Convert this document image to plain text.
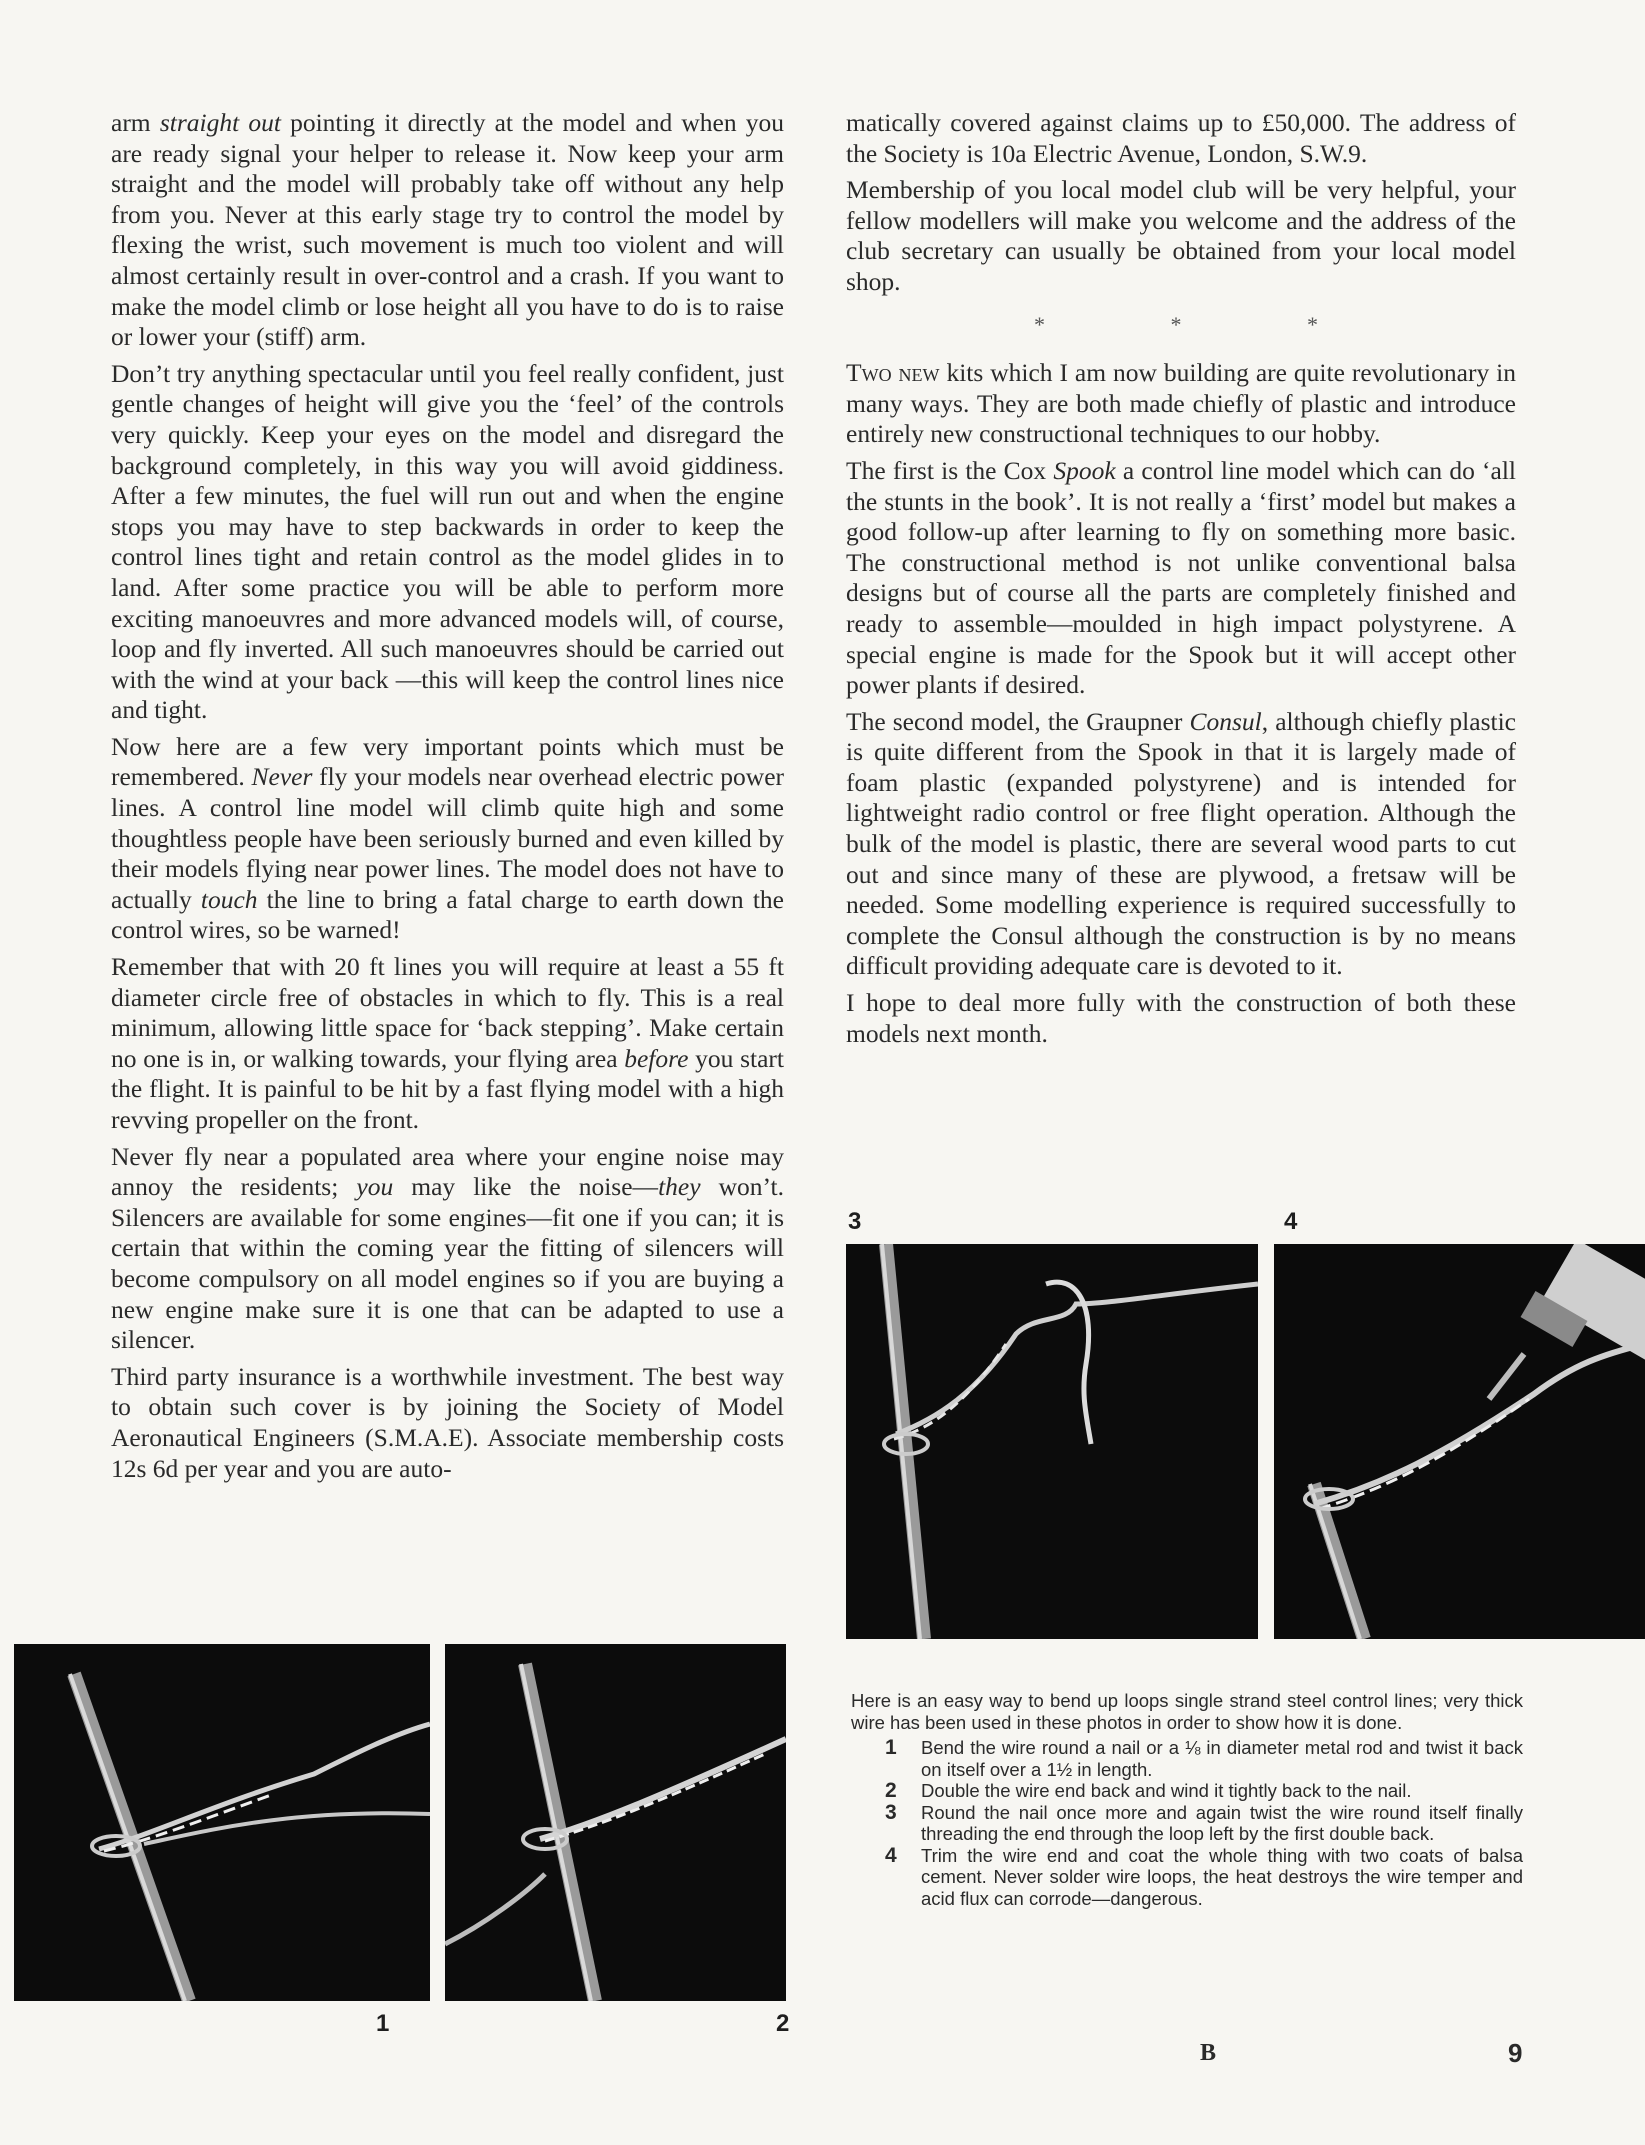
arm straight out pointing it directly at the model and when you are ready signal your helper to release it. Now keep your arm straight and the model will probably take off without any help from you. Never at this early stage try to control the model by flexing the wrist, such movement is much too violent and will almost certainly result in over-control and a crash. If you want to make the model climb or lose height all you have to do is to raise or lower your (stiff) arm.

Don’t try anything spectacular until you feel really confident, just gentle changes of height will give you the ‘feel’ of the controls very quickly. Keep your eyes on the model and disregard the background completely, in this way you will avoid giddiness. After a few minutes, the fuel will run out and when the engine stops you may have to step backwards in order to keep the control lines tight and retain control as the model glides in to land. After some practice you will be able to perform more exciting manoeuvres and more advanced models will, of course, loop and fly inverted. All such manoeuvres should be carried out with the wind at your back —this will keep the control lines nice and tight.

Now here are a few very important points which must be remembered. Never fly your models near overhead electric power lines. A control line model will climb quite high and some thoughtless people have been seriously burned and even killed by their models flying near power lines. The model does not have to actually touch the line to bring a fatal charge to earth down the control wires, so be warned!

Remember that with 20 ft lines you will require at least a 55 ft diameter circle free of obstacles in which to fly. This is a real minimum, allowing little space for ‘back stepping’. Make certain no one is in, or walking towards, your flying area before you start the flight. It is painful to be hit by a fast flying model with a high revving propeller on the front.

Never fly near a populated area where your engine noise may annoy the residents; you may like the noise—they won’t. Silencers are available for some engines—fit one if you can; it is certain that within the coming year the fitting of silencers will become compulsory on all model engines so if you are buying a new engine make sure it is one that can be adapted to use a silencer.

Third party insurance is a worthwhile investment. The best way to obtain such cover is by joining the Society of Model Aeronautical Engineers (S.M.A.E). Associate membership costs 12s 6d per year and you are auto-

matically covered against claims up to £50,000. The address of the Society is 10a Electric Avenue, London, S.W.9.

Membership of you local model club will be very helpful, your fellow modellers will make you welcome and the address of the club secretary can usually be obtained from your local model shop.

* * *

Two new kits which I am now building are quite revolutionary in many ways. They are both made chiefly of plastic and introduce entirely new constructional techniques to our hobby.

The first is the Cox Spook a control line model which can do ‘all the stunts in the book’. It is not really a ‘first’ model but makes a good follow-up after learning to fly on something more basic. The constructional method is not unlike conventional balsa designs but of course all the parts are completely finished and ready to assemble—moulded in high impact polystyrene. A special engine is made for the Spook but it will accept other power plants if desired.

The second model, the Graupner Consul, although chiefly plastic is quite different from the Spook in that it is largely made of foam plastic (expanded polystyrene) and is intended for lightweight radio control or free flight operation. Although the bulk of the model is plastic, there are several wood parts to cut out and since many of these are plywood, a fretsaw will be needed. Some modelling experience is required successfully to complete the Consul although the construction is by no means difficult providing adequate care is devoted to it.

I hope to deal more fully with the construction of both these models next month.

3	4
1	2

Here is an easy way to bend up loops single strand steel control lines; very thick wire has been used in these photos in order to show how it is done.

1	Bend the wire round a nail or a ⅛ in diameter metal rod and twist it back on itself over a 1½ in length.
2	Double the wire end back and wind it tightly back to the nail.
3	Round the nail once more and again twist the wire round itself finally threading the end through the loop left by the first double back.
4	Trim the wire end and coat the whole thing with two coats of balsa cement. Never solder wire loops, the heat destroys the wire temper and acid flux can corrode—dangerous.
B	9
